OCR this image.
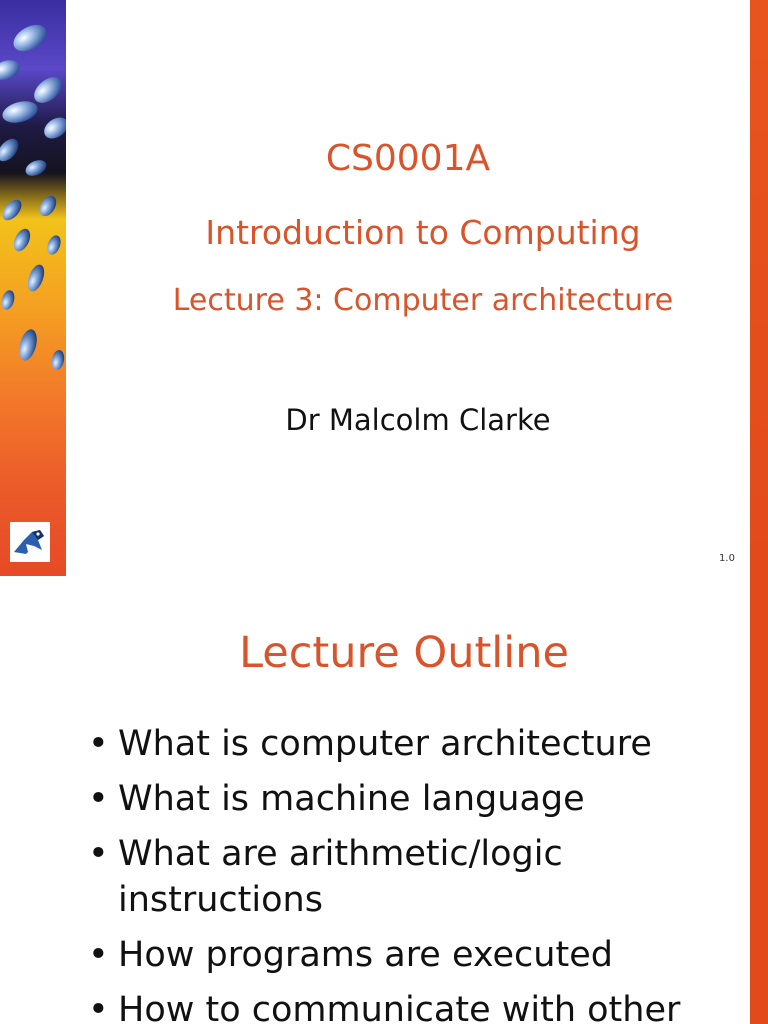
CS0001A
Introduction to Computing
Lecture 3: Computer architecture
Dr Malcolm Clarke
1.0
Lecture Outline
• What is computer architecture
• What is machine language
• What are arithmetic/logic instructions
• How programs are executed
• How to communicate with other
